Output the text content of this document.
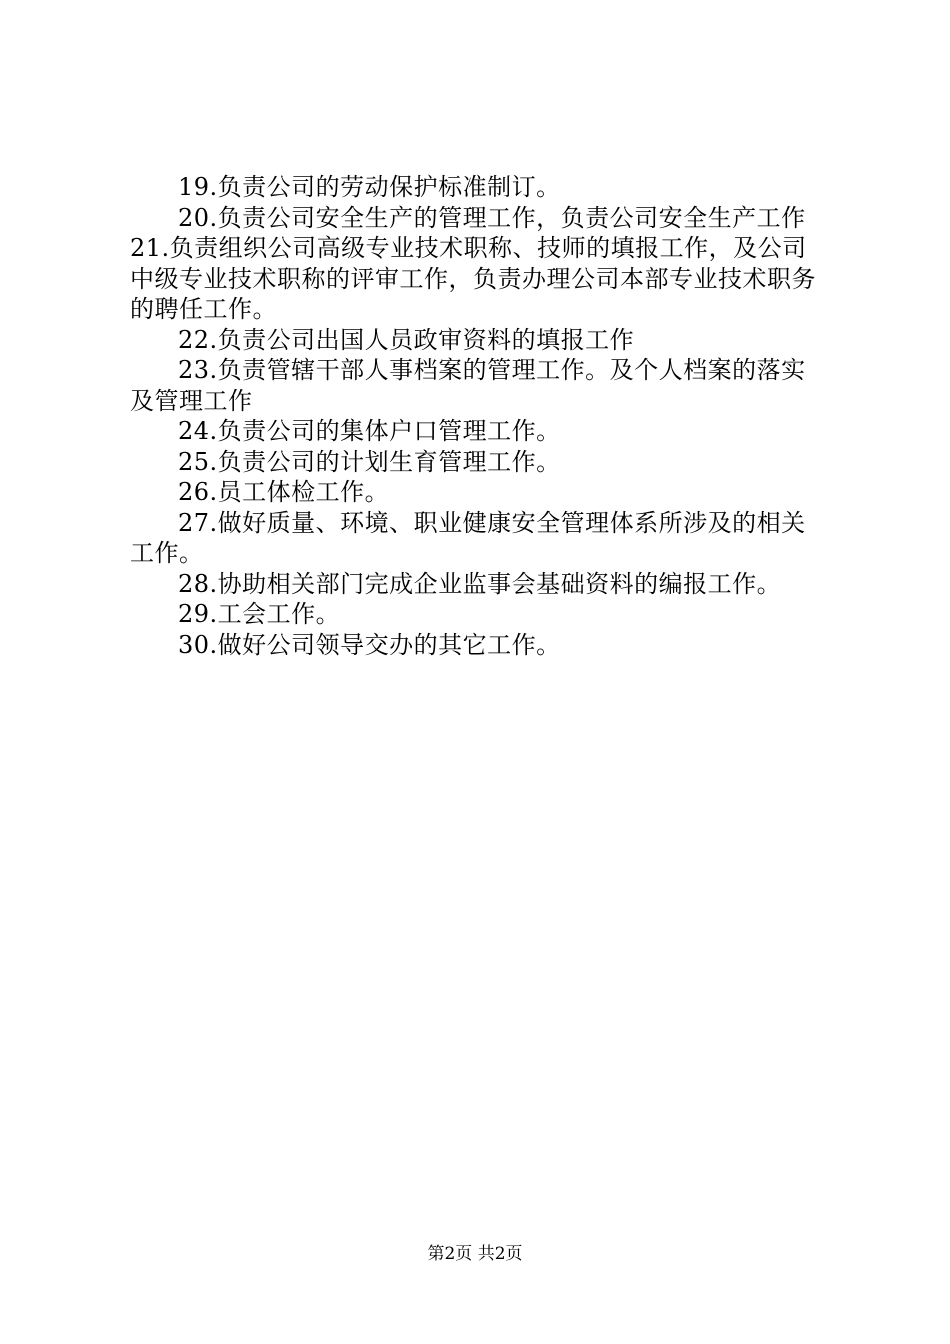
19.负责公司的劳动保护标准制订。

20.负责公司安全生产的管理工作，负责公司安全生产工作

21.负责组织公司高级专业技术职称、技师的填报工作，及公司中级专业技术职称的评审工作，负责办理公司本部专业技术职务的聘任工作。

22.负责公司出国人员政审资料的填报工作

23.负责管辖干部人事档案的管理工作。及个人档案的落实及管理工作

24.负责公司的集体户口管理工作。

25.负责公司的计划生育管理工作。

26.员工体检工作。

27.做好质量、环境、职业健康安全管理体系所涉及的相关工作。

28.协助相关部门完成企业监事会基础资料的编报工作。

29.工会工作。

30.做好公司领导交办的其它工作。

第2页 共2页
